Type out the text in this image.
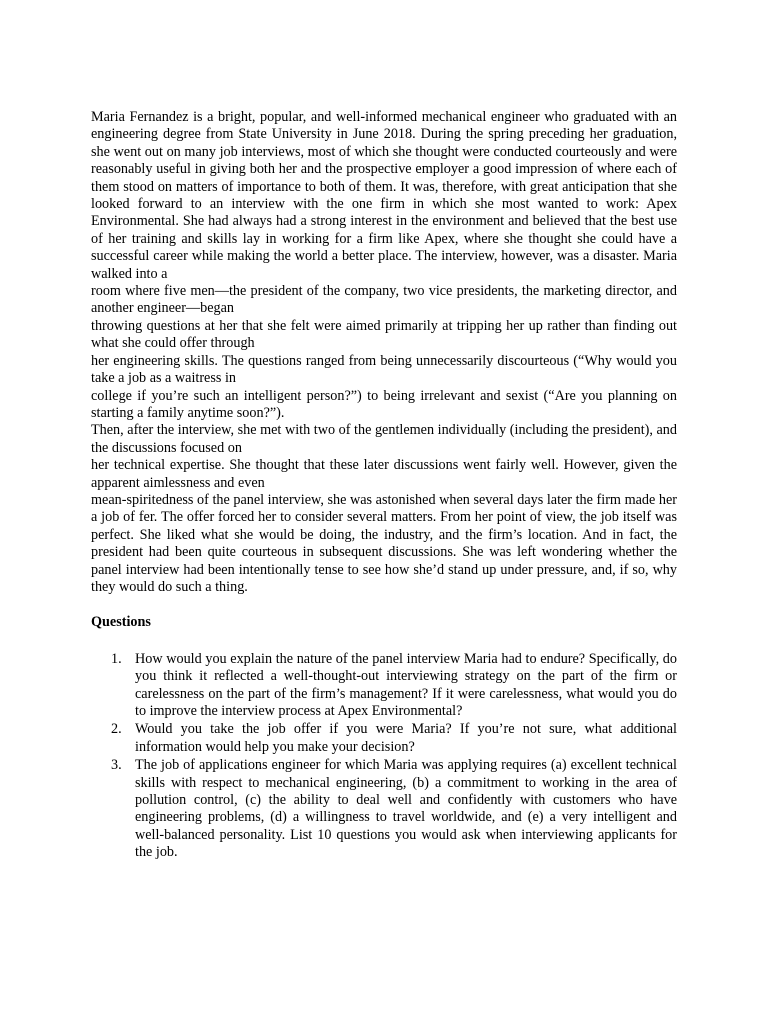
Maria Fernandez is a bright, popular, and well-informed mechanical engineer who graduated with an engineering degree from State University in June 2018. During the spring preceding her graduation, she went out on many job interviews, most of which she thought were conducted courteously and were reasonably useful in giving both her and the prospective employer a good impression of where each of them stood on matters of importance to both of them. It was, therefore, with great anticipation that she looked forward to an interview with the one firm in which she most wanted to work: Apex Environmental. She had always had a strong interest in the environment and believed that the best use of her training and skills lay in working for a firm like Apex, where she thought she could have a successful career while making the world a better place. The interview, however, was a disaster. Maria walked into a
room where five men—the president of the company, two vice presidents, the marketing director, and another engineer—began
throwing questions at her that she felt were aimed primarily at tripping her up rather than finding out what she could offer through
her engineering skills. The questions ranged from being unnecessarily discourteous (“Why would you take a job as a waitress in
college if you’re such an intelligent person?”) to being irrelevant and sexist (“Are you planning on starting a family anytime soon?”).
Then, after the interview, she met with two of the gentlemen individually (including the president), and the discussions focused on
her technical expertise. She thought that these later discussions went fairly well. However, given the apparent aimlessness and even
mean-spiritedness of the panel interview, she was astonished when several days later the firm made her a job of fer. The offer forced her to consider several matters. From her point of view, the job itself was perfect. She liked what she would be doing, the industry, and the firm’s location. And in fact, the president had been quite courteous in subsequent discussions. She was left wondering whether the panel interview had been intentionally tense to see how she’d stand up under pressure, and, if so, why they would do such a thing.

Questions
1. How would you explain the nature of the panel interview Maria had to endure? Specifically, do you think it reflected a well-thought-out interviewing strategy on the part of the firm or carelessness on the part of the firm’s management? If it were carelessness, what would you do to improve the interview process at Apex Environmental?
2. Would you take the job offer if you were Maria? If you’re not sure, what additional information would help you make your decision?
3. The job of applications engineer for which Maria was applying requires (a) excellent technical skills with respect to mechanical engineering, (b) a commitment to working in the area of pollution control, (c) the ability to deal well and confidently with customers who have engineering problems, (d) a willingness to travel worldwide, and (e) a very intelligent and well-balanced personality. List 10 questions you would ask when interviewing applicants for the job.
